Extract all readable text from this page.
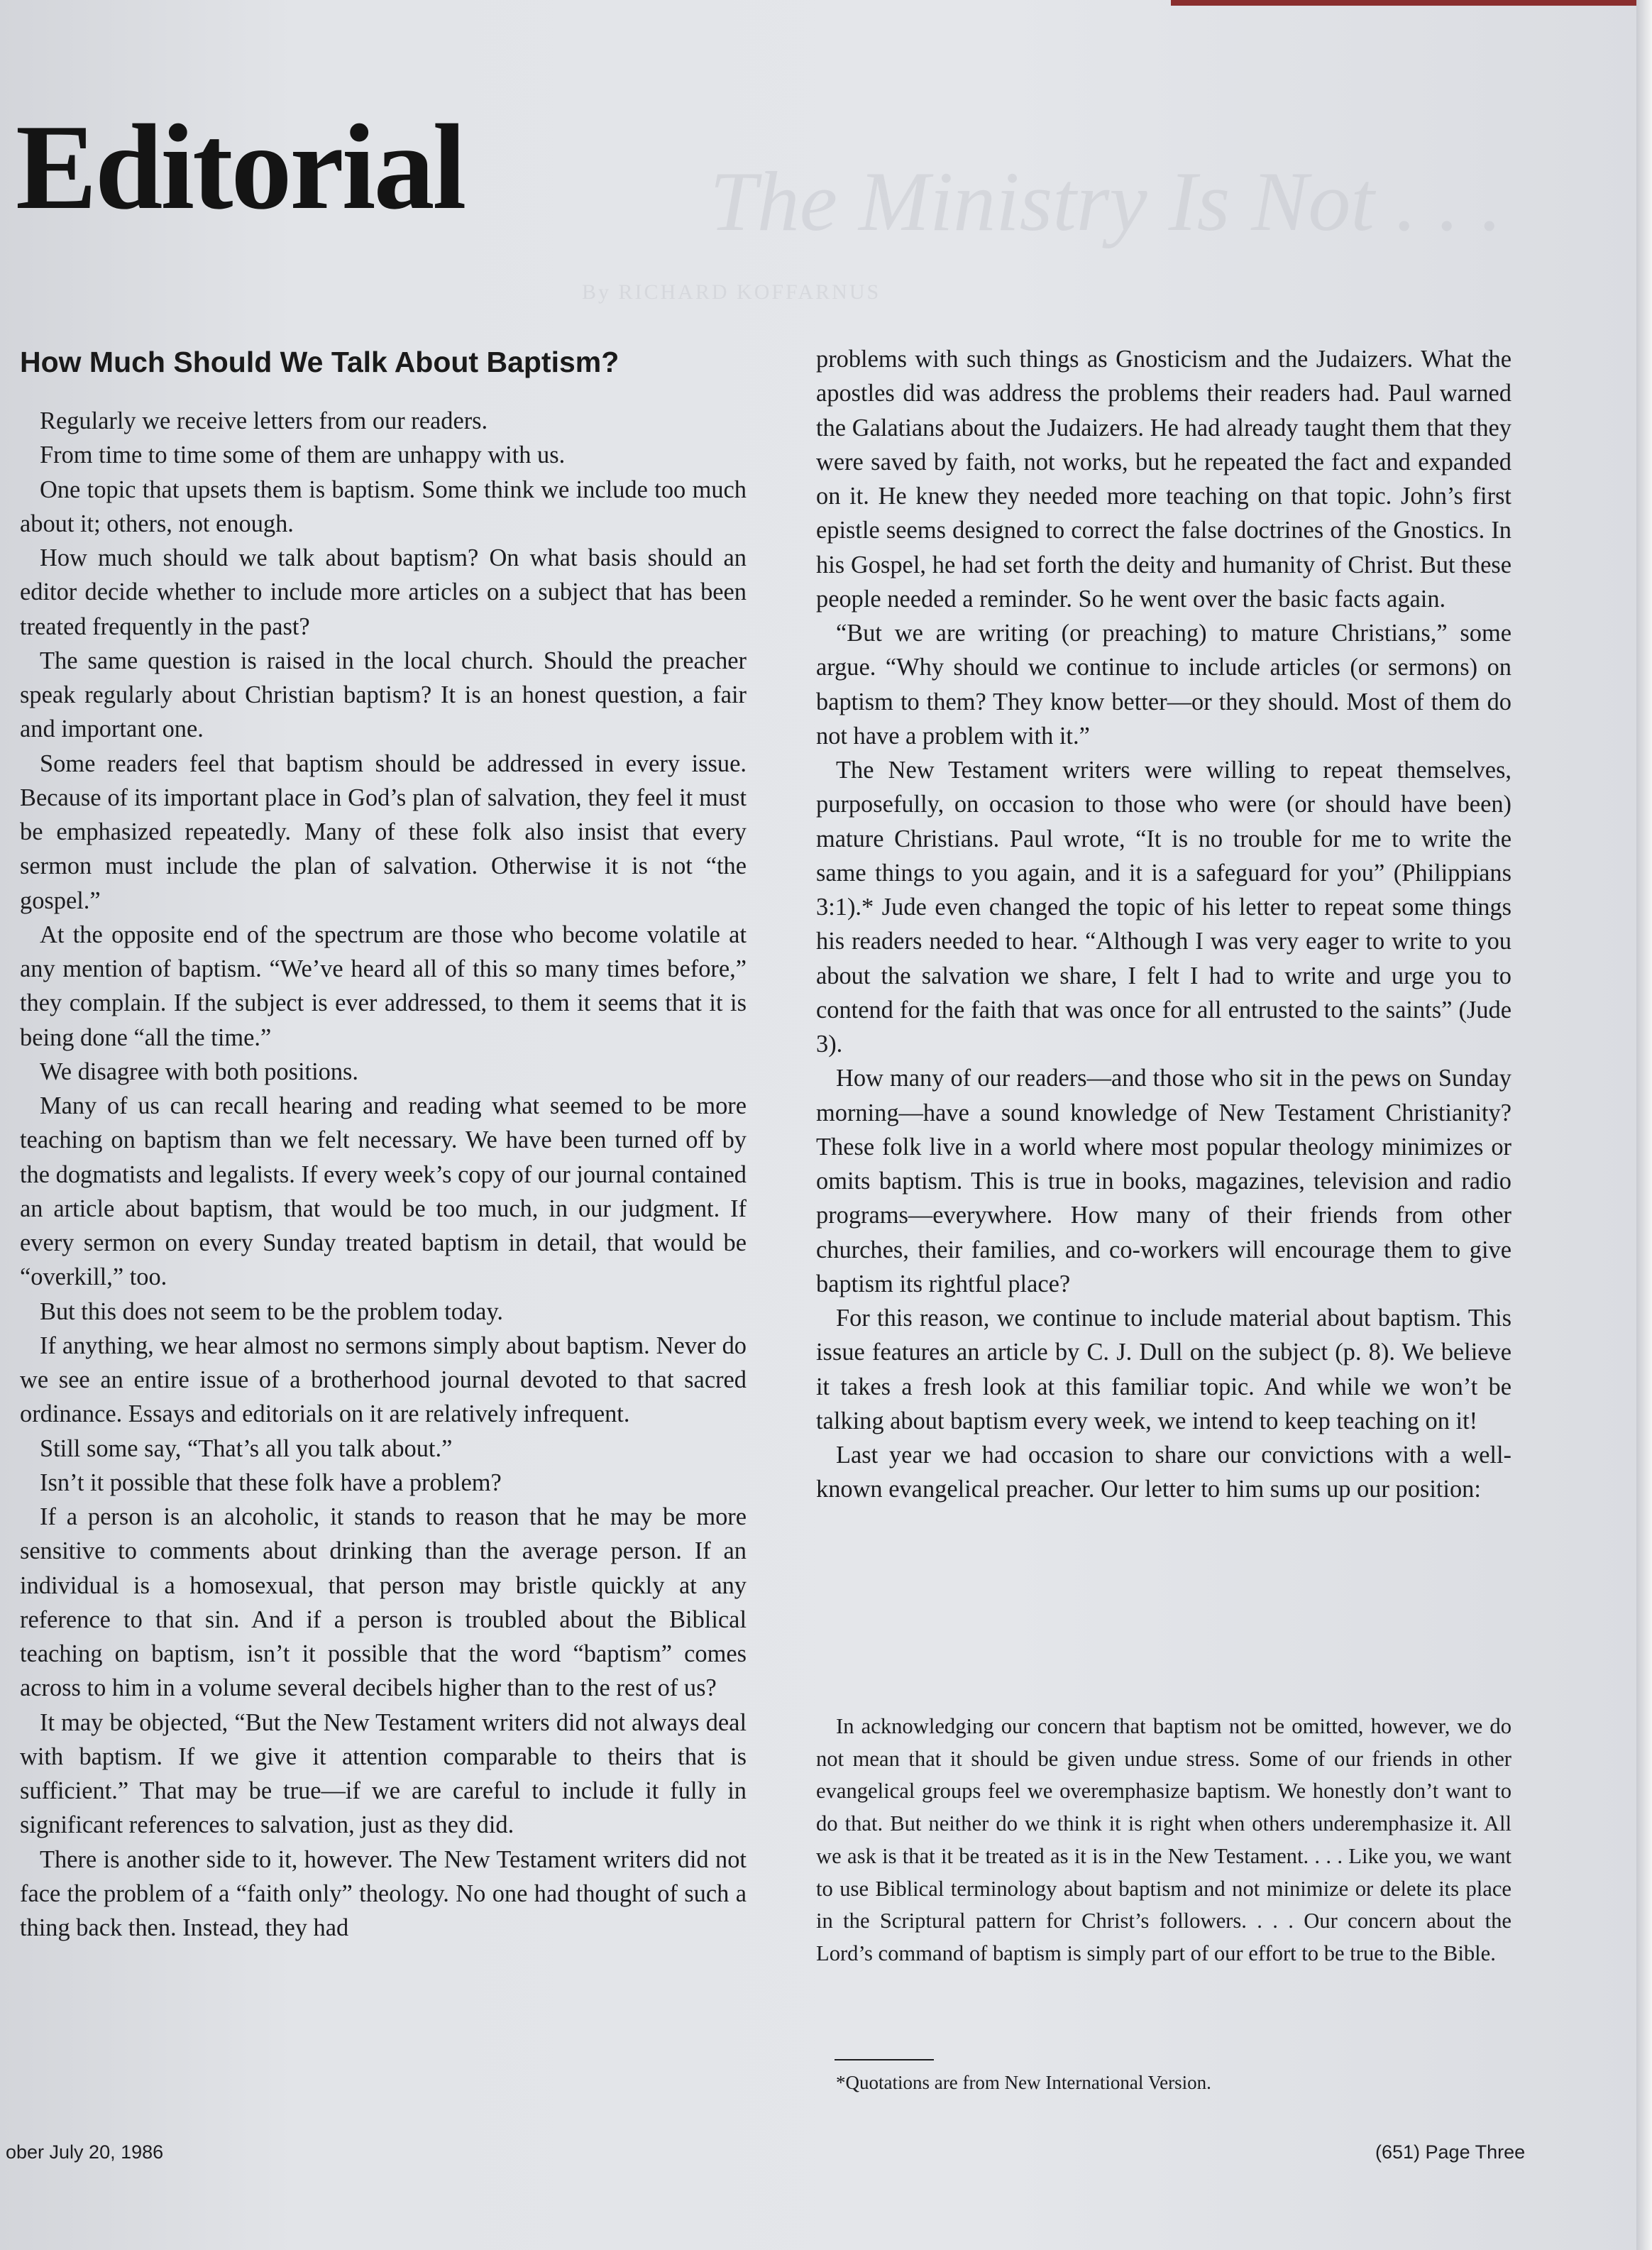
The Ministry Is Not . . .
By RICHARD KOFFARNUS
Editorial
How Much Should We Talk About Baptism?

Regularly we receive letters from our readers.

From time to time some of them are unhappy with us.

One topic that upsets them is baptism. Some think we include too much about it; others, not enough.

How much should we talk about baptism? On what basis should an editor decide whether to include more articles on a subject that has been treated frequently in the past?

The same question is raised in the local church. Should the preacher speak regularly about Christian baptism? It is an honest question, a fair and important one.

Some readers feel that baptism should be addressed in every issue. Because of its important place in God’s plan of salvation, they feel it must be emphasized repeatedly. Many of these folk also insist that every sermon must include the plan of salvation. Otherwise it is not “the gospel.”

At the opposite end of the spectrum are those who become volatile at any mention of baptism. “We’ve heard all of this so many times before,” they complain. If the subject is ever addressed, to them it seems that it is being done “all the time.”

We disagree with both positions.

Many of us can recall hearing and reading what seemed to be more teaching on baptism than we felt necessary. We have been turned off by the dogmatists and legalists. If every week’s copy of our journal contained an article about baptism, that would be too much, in our judgment. If every sermon on every Sunday treated baptism in detail, that would be “overkill,” too.

But this does not seem to be the problem today.

If anything, we hear almost no sermons simply about baptism. Never do we see an entire issue of a brotherhood journal devoted to that sacred ordinance. Essays and editorials on it are relatively infrequent.

Still some say, “That’s all you talk about.”

Isn’t it possible that these folk have a problem?

If a person is an alcoholic, it stands to reason that he may be more sensitive to comments about drinking than the average person. If an individual is a homosexual, that person may bristle quickly at any reference to that sin. And if a person is troubled about the Biblical teaching on baptism, isn’t it possible that the word “baptism” comes across to him in a volume several decibels higher than to the rest of us?

It may be objected, “But the New Testament writers did not always deal with baptism. If we give it attention comparable to theirs that is sufficient.” That may be true—if we are careful to include it fully in significant references to salvation, just as they did.

There is another side to it, however. The New Testament writers did not face the problem of a “faith only” theology. No one had thought of such a thing back then. Instead, they had

problems with such things as Gnosticism and the Judaizers. What the apostles did was address the problems their readers had. Paul warned the Galatians about the Judaizers. He had already taught them that they were saved by faith, not works, but he repeated the fact and expanded on it. He knew they needed more teaching on that topic. John’s first epistle seems designed to correct the false doctrines of the Gnostics. In his Gospel, he had set forth the deity and humanity of Christ. But these people needed a reminder. So he went over the basic facts again.

“But we are writing (or preaching) to mature Christians,” some argue. “Why should we continue to include articles (or sermons) on baptism to them? They know better—or they should. Most of them do not have a problem with it.”

The New Testament writers were willing to repeat themselves, purposefully, on occasion to those who were (or should have been) mature Christians. Paul wrote, “It is no trouble for me to write the same things to you again, and it is a safeguard for you” (Philippians 3:1).* Jude even changed the topic of his letter to repeat some things his readers needed to hear. “Although I was very eager to write to you about the salvation we share, I felt I had to write and urge you to contend for the faith that was once for all entrusted to the saints” (Jude 3).

How many of our readers—and those who sit in the pews on Sunday morning—have a sound knowledge of New Testament Christianity? These folk live in a world where most popular theology minimizes or omits baptism. This is true in books, magazines, television and radio programs—everywhere. How many of their friends from other churches, their families, and co-workers will encourage them to give baptism its rightful place?

For this reason, we continue to include material about baptism. This issue features an article by C. J. Dull on the subject (p. 8). We believe it takes a fresh look at this familiar topic. And while we won’t be talking about baptism every week, we intend to keep teaching on it!

Last year we had occasion to share our convictions with a well-known evangelical preacher. Our letter to him sums up our position:

In acknowledging our concern that baptism not be omitted, however, we do not mean that it should be given undue stress. Some of our friends in other evangelical groups feel we overemphasize baptism. We honestly don’t want to do that. But neither do we think it is right when others underemphasize it. All we ask is that it be treated as it is in the New Testament. . . . Like you, we want to use Biblical terminology about baptism and not minimize or delete its place in the Scriptural pattern for Christ’s followers. . . . Our concern about the Lord’s command of baptism is simply part of our effort to be true to the Bible.

*Quotations are from New International Version.
ober July 20, 1986	(651) Page Three
